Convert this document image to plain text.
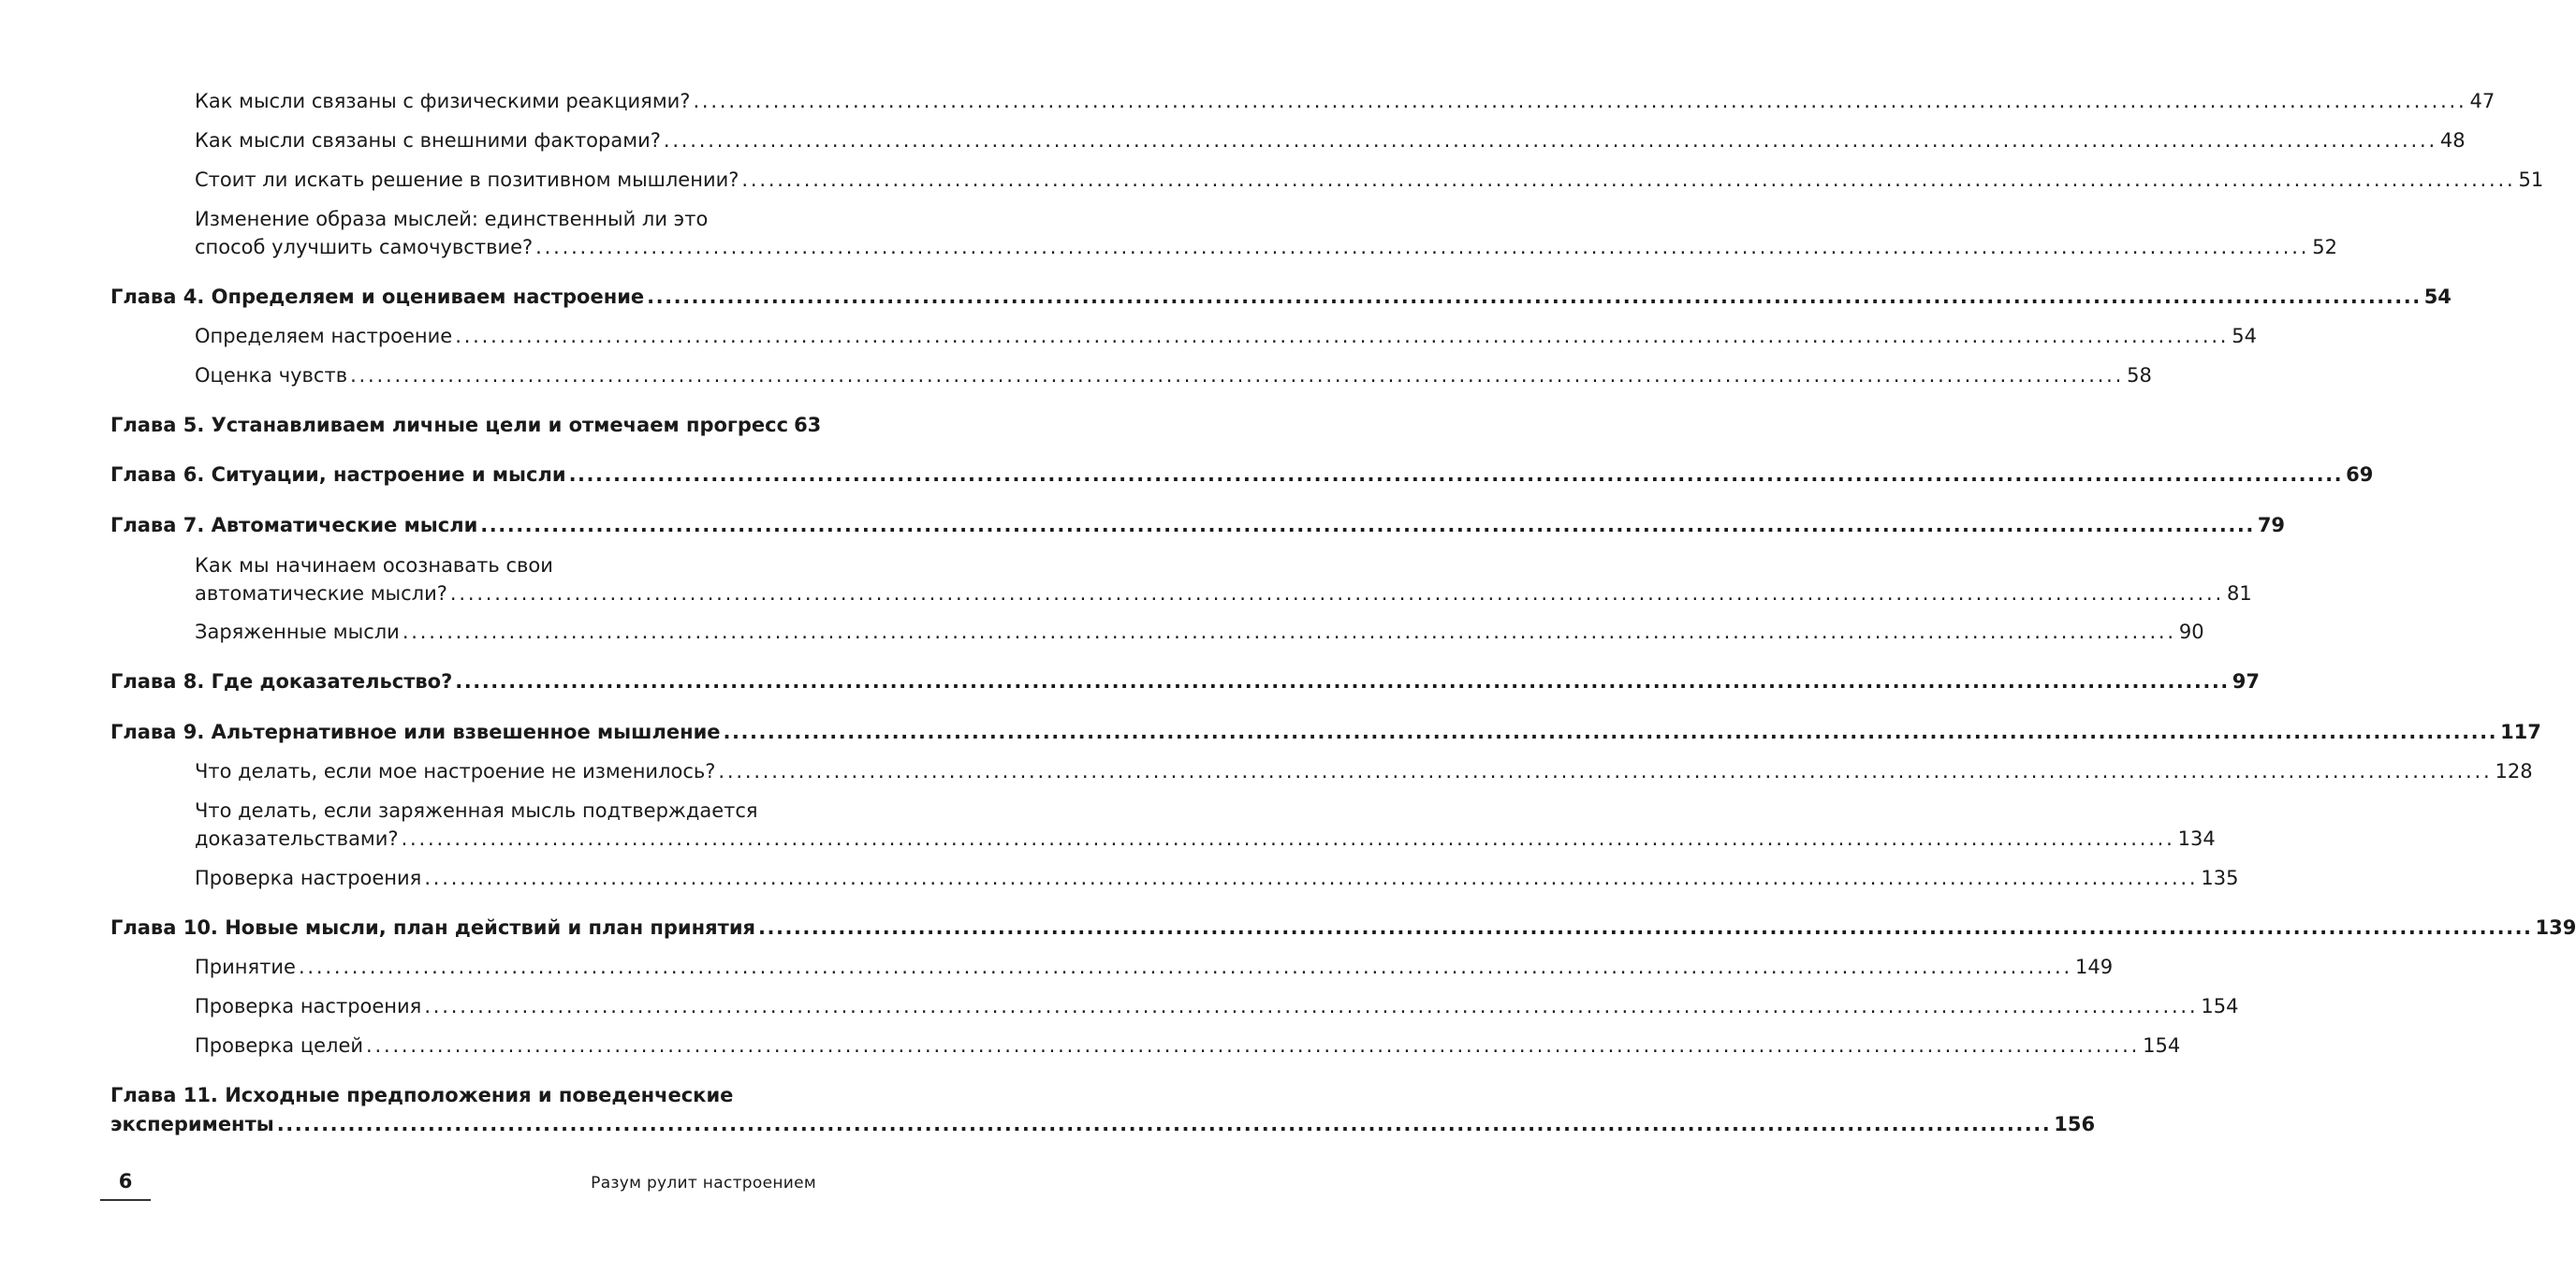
Как мысли связаны с физическими реакциями? ........................................................................................................................................................................................................ 47
Как мысли связаны с внешними факторами? ........................................................................................................................................................................................................ 48
Стоит ли искать решение в позитивном мышлении? ........................................................................................................................................................................................................ 51
Изменение образа мыслей: единственный ли это
способ улучшить самочувствие? ........................................................................................................................................................................................................ 52
Глава 4. Определяем и оцениваем настроение ........................................................................................................................................................................................................ 54
Определяем настроение ........................................................................................................................................................................................................ 54
Оценка чувств ........................................................................................................................................................................................................ 58
Глава 5. Устанавливаем личные цели и отмечаем прогресс 63
Глава 6. Ситуации, настроение и мысли ........................................................................................................................................................................................................ 69
Глава 7. Автоматические мысли ........................................................................................................................................................................................................ 79
Как мы начинаем осознавать свои
автоматические мысли? ........................................................................................................................................................................................................ 81
Заряженные мысли ........................................................................................................................................................................................................ 90
Глава 8. Где доказательство? ........................................................................................................................................................................................................ 97
Глава 9. Альтернативное или взвешенное мышление ........................................................................................................................................................................................................ 117
Что делать, если мое настроение не изменилось? ........................................................................................................................................................................................................ 128
Что делать, если заряженная мысль подтверждается
доказательствами? ........................................................................................................................................................................................................ 134
Проверка настроения ........................................................................................................................................................................................................ 135
Глава 10. Новые мысли, план действий и план принятия ........................................................................................................................................................................................................ 139
Принятие ........................................................................................................................................................................................................ 149
Проверка настроения ........................................................................................................................................................................................................ 154
Проверка целей ........................................................................................................................................................................................................ 154
Глава 11. Исходные предположения и поведенческие
эксперименты ........................................................................................................................................................................................................ 156
6	Разум рулит настроением
